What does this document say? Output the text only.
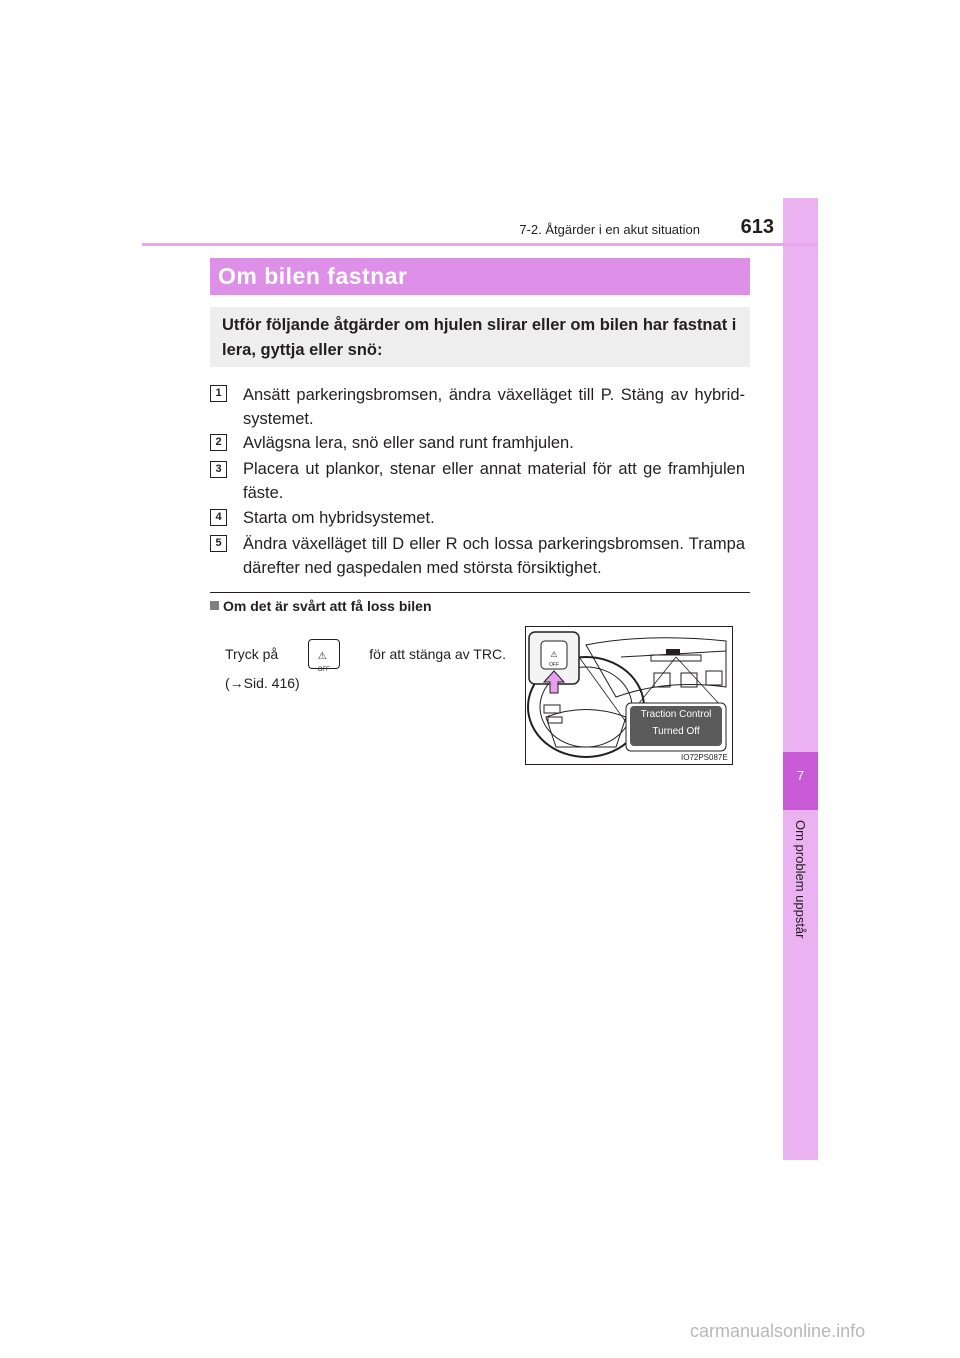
7
Om problem uppstår
7-2. Åtgärder i en akut situation	613
Om bilen fastnar
Utför följande åtgärder om hjulen slirar eller om bilen har fastnat i lera, gyttja eller snö:
1	Ansätt parkeringsbromsen, ändra växelläget till P. Stäng av hybrid-systemet.
2	Avlägsna lera, snö eller sand runt framhjulen.
3	Placera ut plankor, stenar eller annat material för att ge framhjulen fäste.
4	Starta om hybridsystemet.
5	Ändra växelläget till D eller R och lossa parkeringsbromsen. Trampa därefter ned gaspedalen med största försiktighet.
Om det är svårt att få loss bilen
Tryck på	⚠
OFF
för att stänga av TRC.
(→Sid. 416)
⚠
OFF
Traction Control
Turned Off
IO72PS087E
carmanualsonline.info
